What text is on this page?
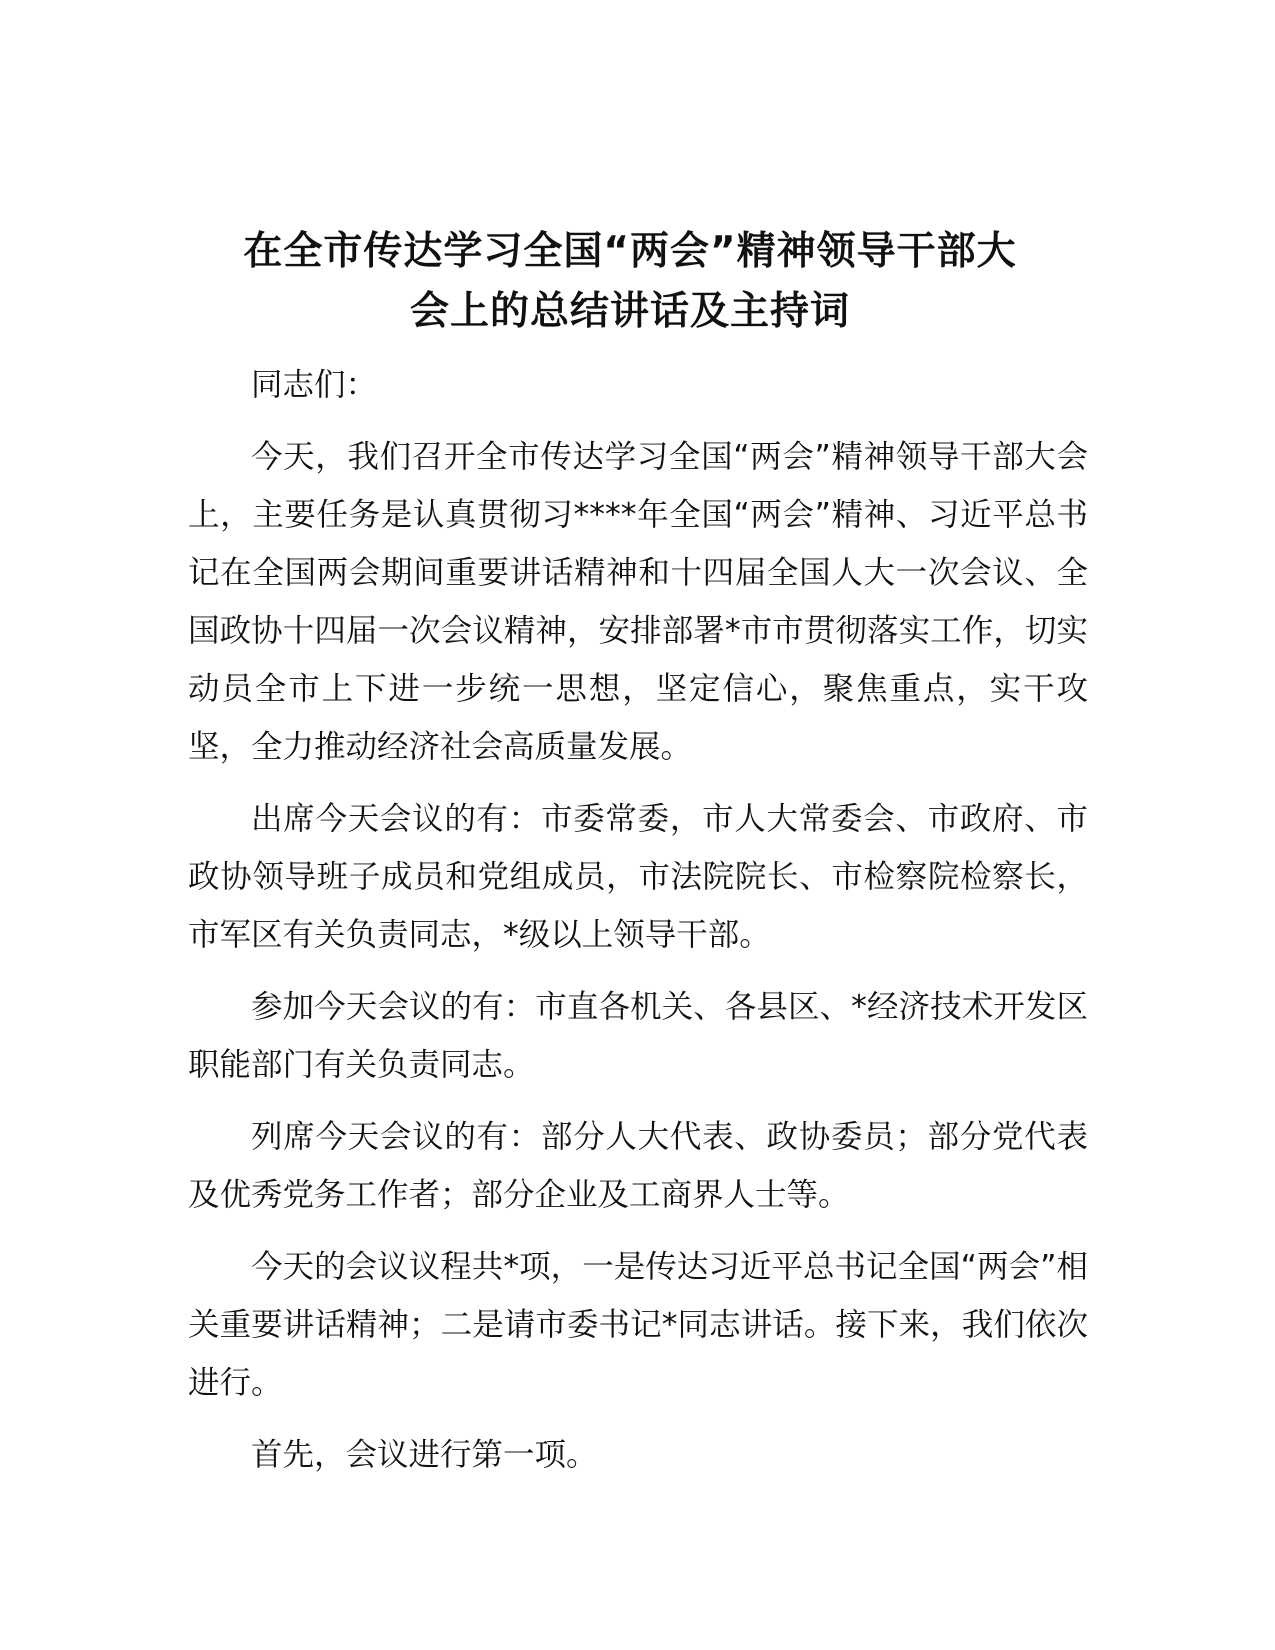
在全市传达学习全国“两会”精神领导干部大
会上的总结讲话及主持词

同志们：

今天，我们召开全市传达学习全国“两会”精神领导干部大会上，主要任务是认真贯彻习****年全国“两会”精神、习近平总书记在全国两会期间重要讲话精神和十四届全国人大一次会议、全国政协十四届一次会议精神，安排部署*市市贯彻落实工作，切实动员全市上下进一步统一思想，坚定信心，聚焦重点，实干攻坚，全力推动经济社会高质量发展。

出席今天会议的有：市委常委，市人大常委会、市政府、市政协领导班子成员和党组成员，市法院院长、市检察院检察长，市军区有关负责同志，*级以上领导干部。

参加今天会议的有：市直各机关、各县区、*经济技术开发区职能部门有关负责同志。

列席今天会议的有：部分人大代表、政协委员；部分党代表及优秀党务工作者；部分企业及工商界人士等。

今天的会议议程共*项，一是传达习近平总书记全国“两会”相关重要讲话精神；二是请市委书记*同志讲话。接下来，我们依次进行。

首先，会议进行第一项。
